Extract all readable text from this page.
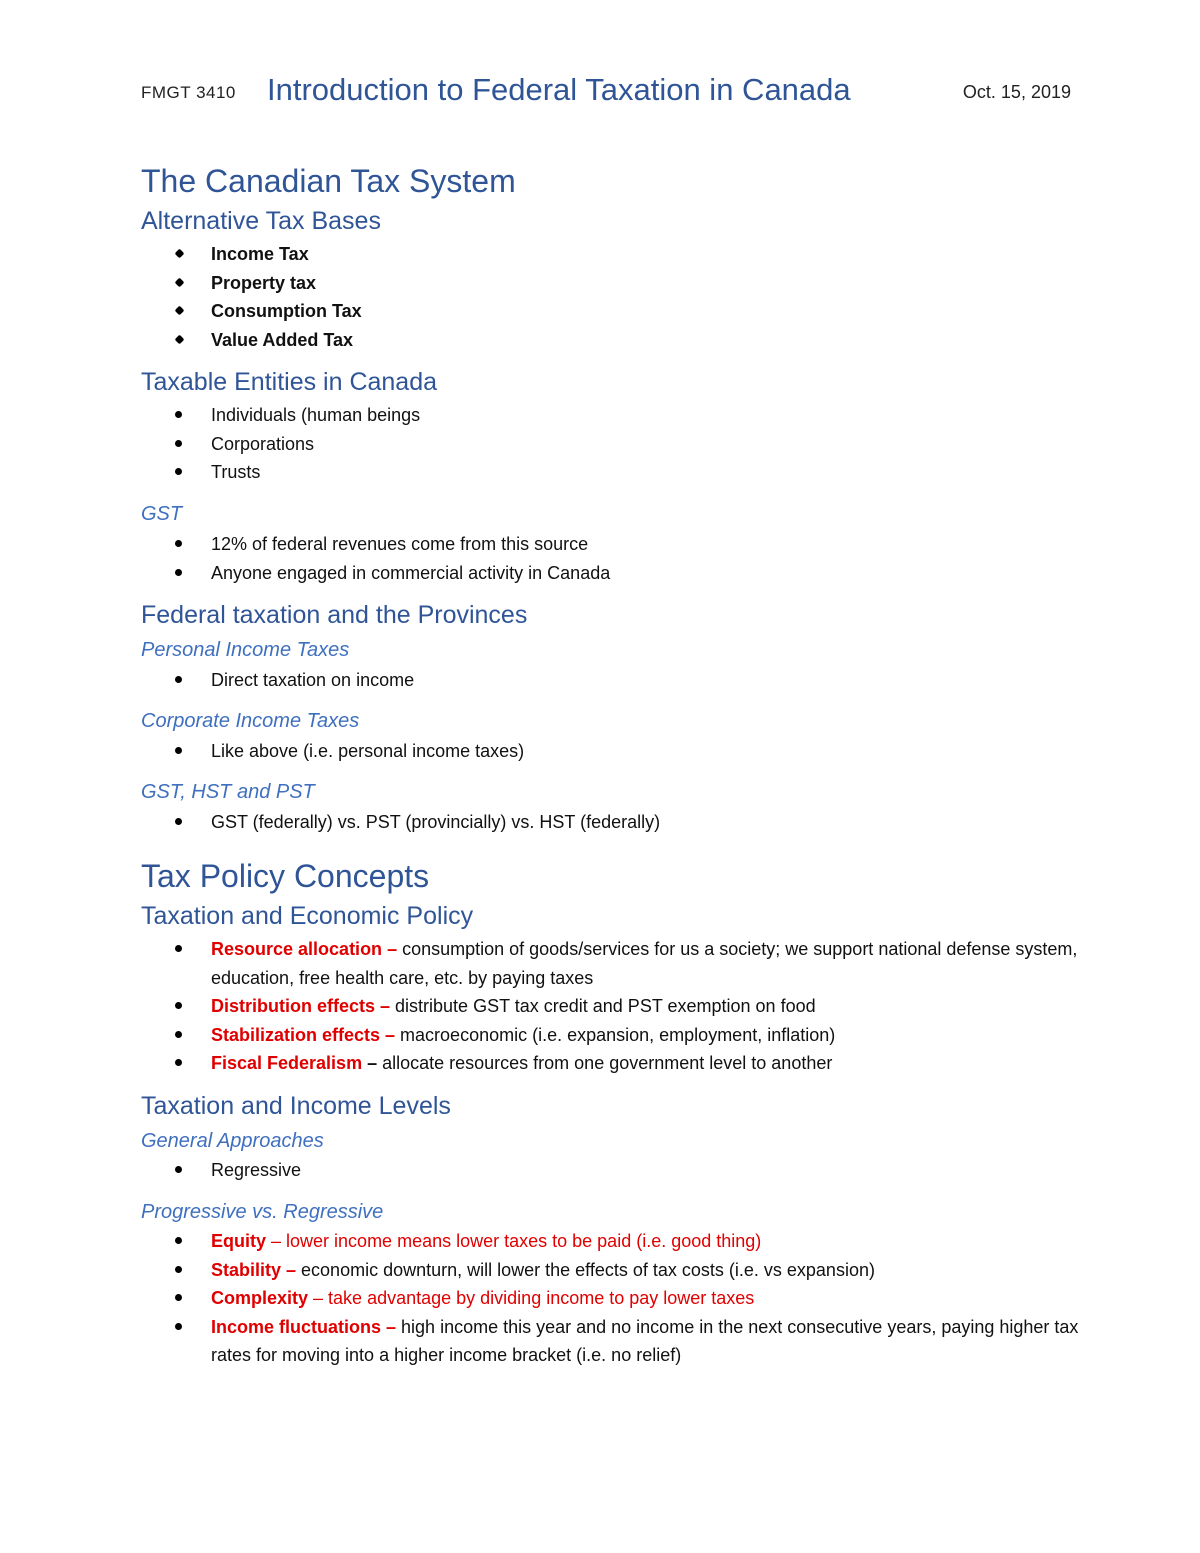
FMGT 3410 Introduction to Federal Taxation in Canada	Oct. 15, 2019
The Canadian Tax System
Alternative Tax Bases
Income Tax
Property tax
Consumption Tax
Value Added Tax
Taxable Entities in Canada
Individuals (human beings
Corporations
Trusts
GST
12% of federal revenues come from this source
Anyone engaged in commercial activity in Canada
Federal taxation and the Provinces
Personal Income Taxes
Direct taxation on income
Corporate Income Taxes
Like above (i.e. personal income taxes)
GST, HST and PST
GST (federally) vs. PST (provincially) vs. HST (federally)
Tax Policy Concepts
Taxation and Economic Policy
Resource allocation – consumption of goods/services for us a society; we support national defense system, education, free health care, etc. by paying taxes
Distribution effects – distribute GST tax credit and PST exemption on food
Stabilization effects – macroeconomic (i.e. expansion, employment, inflation)
Fiscal Federalism – allocate resources from one government level to another
Taxation and Income Levels
General Approaches
Regressive
Progressive vs. Regressive
Equity – lower income means lower taxes to be paid (i.e. good thing)
Stability – economic downturn, will lower the effects of tax costs (i.e. vs expansion)
Complexity – take advantage by dividing income to pay lower taxes
Income fluctuations – high income this year and no income in the next consecutive years, paying higher tax rates for moving into a higher income bracket (i.e. no relief)
